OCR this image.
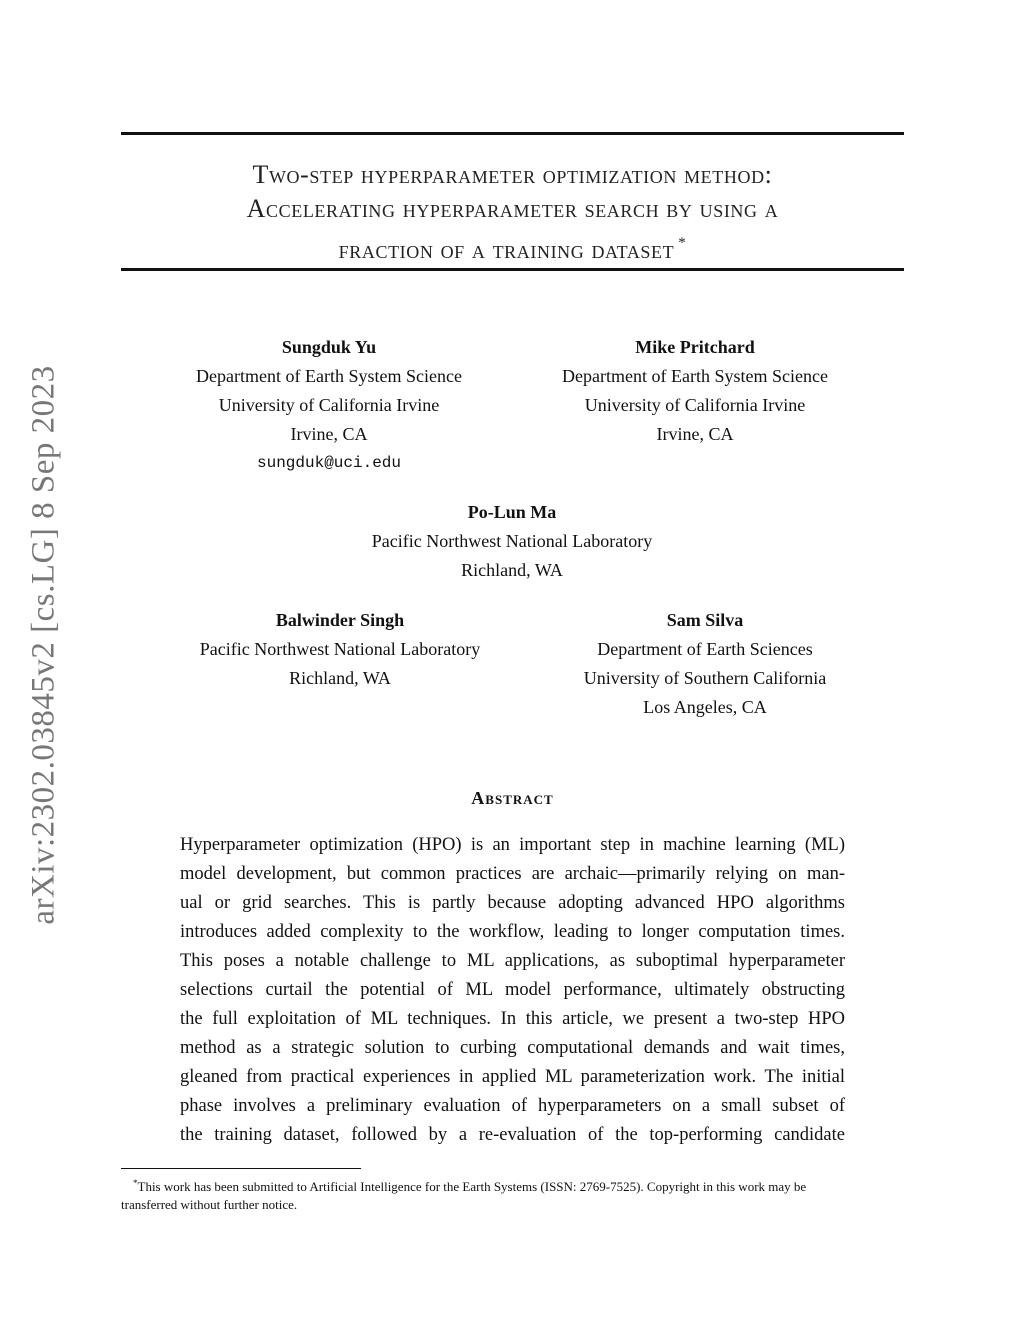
arXiv:2302.03845v2 [cs.LG] 8 Sep 2023
Two-step hyperparameter optimization method:
Accelerating hyperparameter search by using a
fraction of a training dataset *
Sungduk Yu
Department of Earth System Science
University of California Irvine
Irvine, CA
sungduk@uci.edu
Mike Pritchard
Department of Earth System Science
University of California Irvine
Irvine, CA
Po-Lun Ma
Pacific Northwest National Laboratory
Richland, WA
Balwinder Singh
Pacific Northwest National Laboratory
Richland, WA
Sam Silva
Department of Earth Sciences
University of Southern California
Los Angeles, CA
Abstract
Hyperparameter optimization (HPO) is an important step in machine learning (ML)
model development, but common practices are archaic—primarily relying on man-
ual or grid searches. This is partly because adopting advanced HPO algorithms
introduces added complexity to the workflow, leading to longer computation times.
This poses a notable challenge to ML applications, as suboptimal hyperparameter
selections curtail the potential of ML model performance, ultimately obstructing
the full exploitation of ML techniques. In this article, we present a two-step HPO
method as a strategic solution to curbing computational demands and wait times,
gleaned from practical experiences in applied ML parameterization work. The initial
phase involves a preliminary evaluation of hyperparameters on a small subset of
the training dataset, followed by a re-evaluation of the top-performing candidate
*This work has been submitted to Artificial Intelligence for the Earth Systems (ISSN: 2769-7525). Copyright in this work may be
transferred without further notice.
